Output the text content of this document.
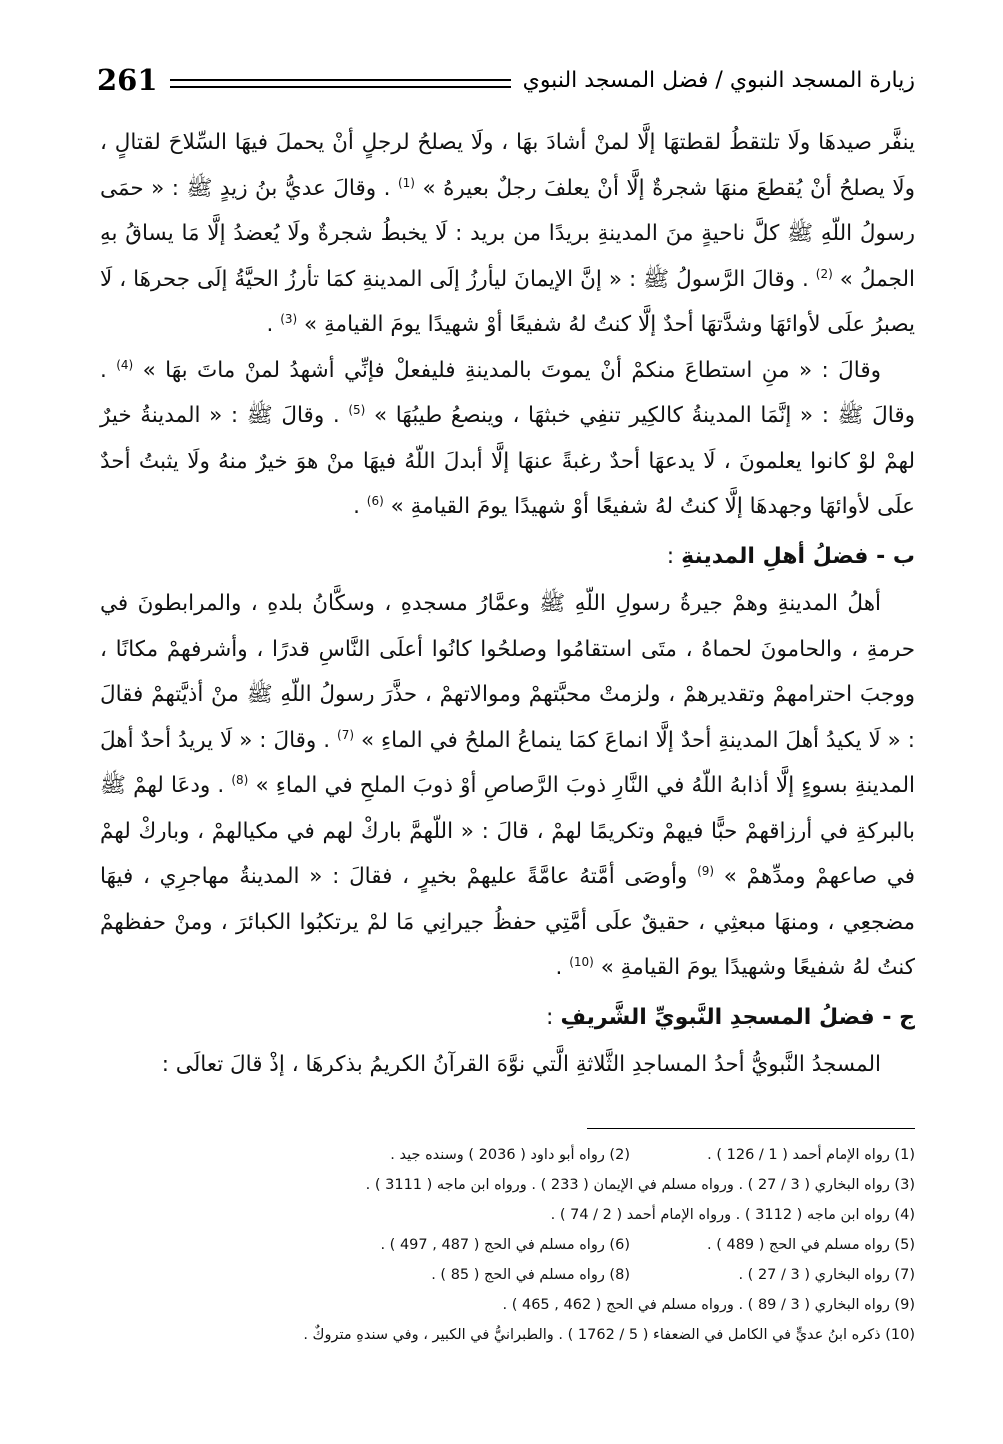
261	زيارة المسجد النبوي / فضل المسجد النبوي

ينفَّر صيدهَا ولَا تلتقطُ لقطتهَا إلَّا لمنْ أشادَ بهَا ، ولَا يصلحُ لرجلٍ أنْ يحملَ فيهَا السِّلاحَ لقتالٍ ، ولَا يصلحُ أنْ يُقطعَ منهَا شجرةٌ إلَّا أنْ يعلفَ رجلٌ بعيرهُ » $^{(1)}$ . وقالَ عديُّ بنُ زيدٍ ﷺ : « حمَى رسولُ اللّهِ ﷺ كلَّ ناحيةٍ منَ المدينةِ بريدًا من بريد : لَا يخبطُ شجرةٌ ولَا يُعضدُ إلَّا مَا يساقُ بهِ الجملُ » $^{(2)}$ . وقالَ الرَّسولُ ﷺ : « إنَّ الإيمانَ ليأرزُ إلَى المدينةِ كمَا تأرزُ الحيَّةُ إلَى جحرهَا ، لَا يصبرُ علَى لأوائهَا وشدَّتهَا أحدٌ إلَّا كنتُ لهُ شفيعًا أوْ شهيدًا يومَ القيامةِ » $^{(3)}$ .

وقالَ : « منِ استطاعَ منكمْ أنْ يموتَ بالمدينةِ فليفعلْ فإنِّي أشهدُ لمنْ ماتَ بهَا » $^{(4)}$ . وقالَ ﷺ : « إنَّمَا المدينةُ كالكِير تنفِي خبثهَا ، وينصعُ طيبُهَا » $^{(5)}$ . وقالَ ﷺ : « المدينةُ خيرٌ لهمْ لوْ كانوا يعلمونَ ، لَا يدعهَا أحدٌ رغبةً عنهَا إلَّا أبدلَ اللّهُ فيهَا منْ هوَ خيرٌ منهُ ولَا يثبتُ أحدٌ علَى لأوائهَا وجهدهَا إلَّا كنتُ لهُ شفيعًا أوْ شهيدًا يومَ القيامةِ » $^{(6)}$ .

ب - فضلُ أهلِ المدينةِ :

أهلُ المدينةِ وهمْ جيرةُ رسولِ اللّهِ ﷺ وعمَّارُ مسجدهِ ، وسكَّانُ بلدهِ ، والمرابطونَ في حرمةِ ، والحامونَ لحماهُ ، متَى استقامُوا وصلحُوا كانُوا أعلَى النَّاسِ قدرًا ، وأشرفهمْ مكانًا ، ووجبَ احترامهمْ وتقديرهمْ ، ولزمتْ محبَّتهمْ وموالاتهمْ ، حذَّرَ رسولُ اللّهِ ﷺ منْ أذيَّتهمْ فقالَ : « لَا يكيدُ أهلَ المدينةِ أحدٌ إلَّا انماعَ كمَا ينماعُ الملحُ في الماءِ » $^{(7)}$ . وقالَ : « لَا يريدُ أحدٌ أهلَ المدينةِ بسوءٍ إلَّا أذابهُ اللّهُ في النَّارِ ذوبَ الرَّصاصِ أوْ ذوبَ الملحِ في الماءِ » $^{(8)}$ . ودعَا لهمْ ﷺ بالبركةِ في أرزاقهمْ حبًّا فيهمْ وتكريمًا لهمْ ، قالَ : « اللّهمَّ باركْ لهم في مكيالهمْ ، وباركْ لهمْ في صاعهمْ ومدِّهمْ » $^{(9)}$ وأوصَى أمَّتهُ عامَّةً عليهمْ بخيرٍ ، فقالَ : « المدينةُ مهاجرِي ، فيهَا مضجعِي ، ومنهَا مبعثِي ، حقيقٌ علَى أمَّتِي حفظُ جيرانِي مَا لمْ يرتكبُوا الكبائرَ ، ومنْ حفظهمْ كنتُ لهُ شفيعًا وشهيدًا يومَ القيامةِ » $^{(10)}$ .

ج - فضلُ المسجدِ النَّبويِّ الشَّريفِ :

المسجدُ النَّبويُّ أحدُ المساجدِ الثَّلاثةِ الَّتي نوَّهَ القرآنُ الكريمُ بذكرهَا ، إذْ قالَ تعالَى :

(1) رواه الإمام أحمد ( 1 / 126 ) .
(2) رواه أبو داود ( 2036 ) وسنده جيد .
(3) رواه البخاري ( 3 / 27 ) . ورواه مسلم في الإيمان ( 233 ) . ورواه ابن ماجه ( 3111 ) .
(4) رواه ابن ماجه ( 3112 ) . ورواه الإمام أحمد ( 2 / 74 ) .
(5) رواه مسلم في الحج ( 489 ) .
(6) رواه مسلم في الحج ( 487 , 497 ) .
(7) رواه البخاري ( 3 / 27 ) .
(8) رواه مسلم في الحج ( 85 ) .
(9) رواه البخاري ( 3 / 89 ) . ورواه مسلم في الحج ( 462 , 465 ) .
(10) ذكره ابنُ عديٍّ في الكامل في الضعفاء ( 5 / 1762 ) . والطبرانيُّ في الكبير ، وفي سندهِ متروكٌ .
